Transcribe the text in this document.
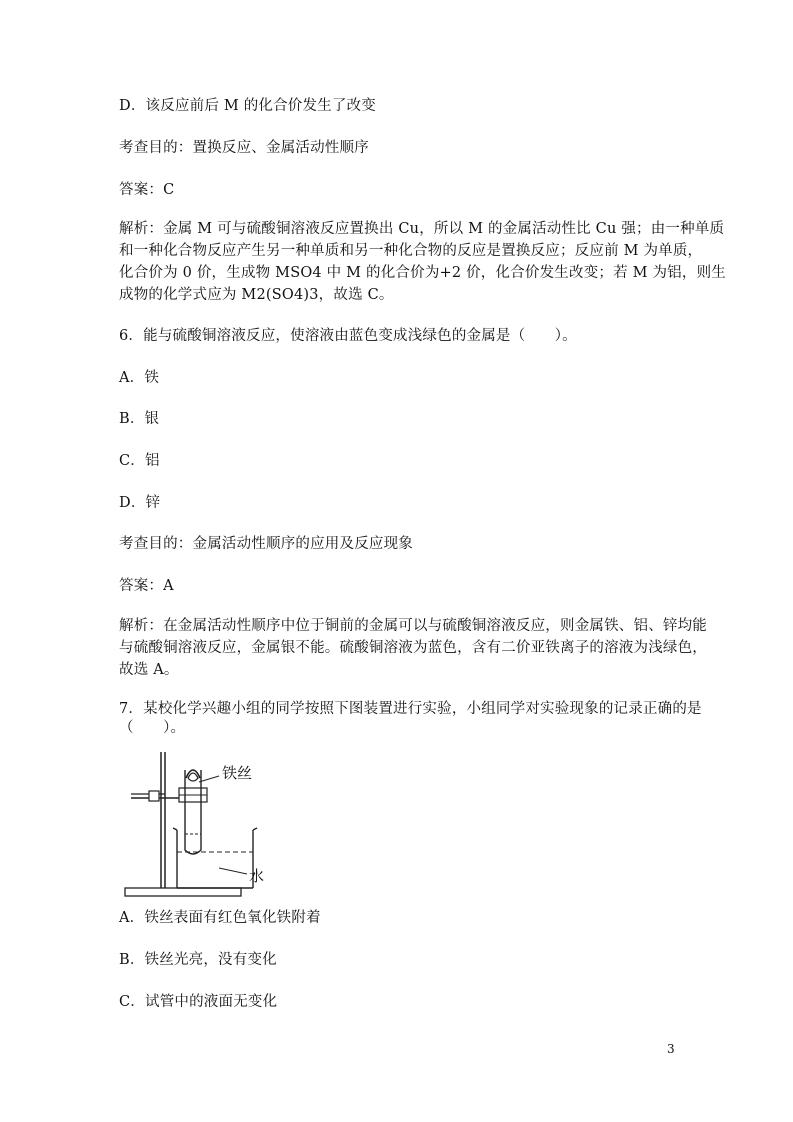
D．该反应前后 M 的化合价发生了改变
考查目的：置换反应、金属活动性顺序
答案：C
解析：金属 M 可与硫酸铜溶液反应置换出 Cu，所以 M 的金属活动性比 Cu 强；由一种单质
和一种化合物反应产生另一种单质和另一种化合物的反应是置换反应；反应前 M 为单质，
化合价为 0 价，生成物 MSO4 中 M 的化合价为+2 价，化合价发生改变；若 M 为铝，则生
成物的化学式应为 M2(SO4)3，故选 C。
6．能与硫酸铜溶液反应，使溶液由蓝色变成浅绿色的金属是（　　）。
A．铁
B．银
C．铝
D．锌
考查目的：金属活动性顺序的应用及反应现象
答案：A
解析：在金属活动性顺序中位于铜前的金属可以与硫酸铜溶液反应，则金属铁、铝、锌均能
与硫酸铜溶液反应，金属银不能。硫酸铜溶液为蓝色，含有二价亚铁离子的溶液为浅绿色，
故选 A。
7．某校化学兴趣小组的同学按照下图装置进行实验，小组同学对实验现象的记录正确的是
（　　）。
铁丝
水
A．铁丝表面有红色氧化铁附着
B．铁丝光亮，没有变化
C．试管中的液面无变化
3
